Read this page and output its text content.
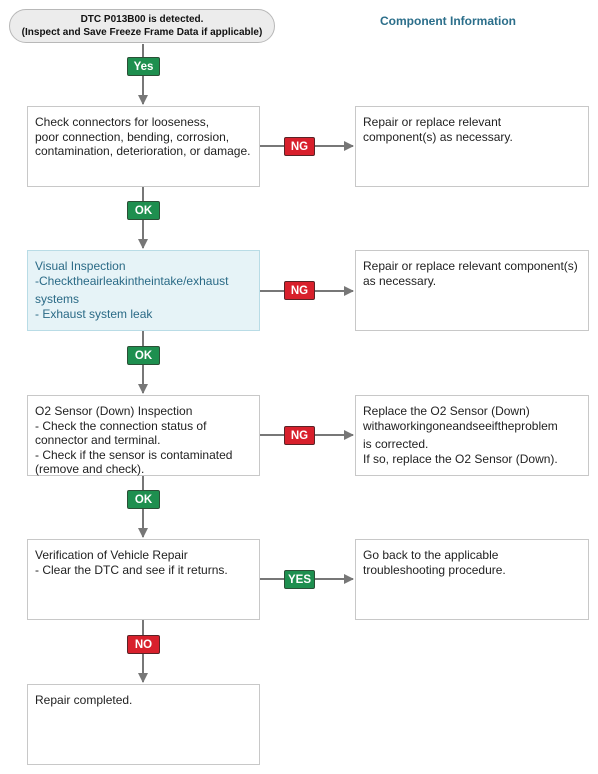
DTC P013B00 is detected.
(Inspect and Save Freeze Frame Data if applicable)
Component Information
Yes
Check connectors for looseness,
poor connection, bending, corrosion,
contamination, deterioration, or damage.	NG
Repair or replace relevant
component(s) as necessary.
OK
Visual Inspection
-Checktheairleakintheintake/exhaust
systems
- Exhaust system leak
NG
Repair or replace relevant component(s)
as necessary.
OK
O2 Sensor (Down) Inspection
- Check the connection status of
connector and terminal.
- Check if the sensor is contaminated
(remove and check).
NG
Replace the O2 Sensor (Down)
withaworkingoneandseeiftheproblem
is corrected.
If so, replace the O2 Sensor (Down).
OK
Verification of Vehicle Repair
- Clear the DTC and see if it returns.
YES
Go back to the applicable
troubleshooting procedure.
NO
Repair completed.
